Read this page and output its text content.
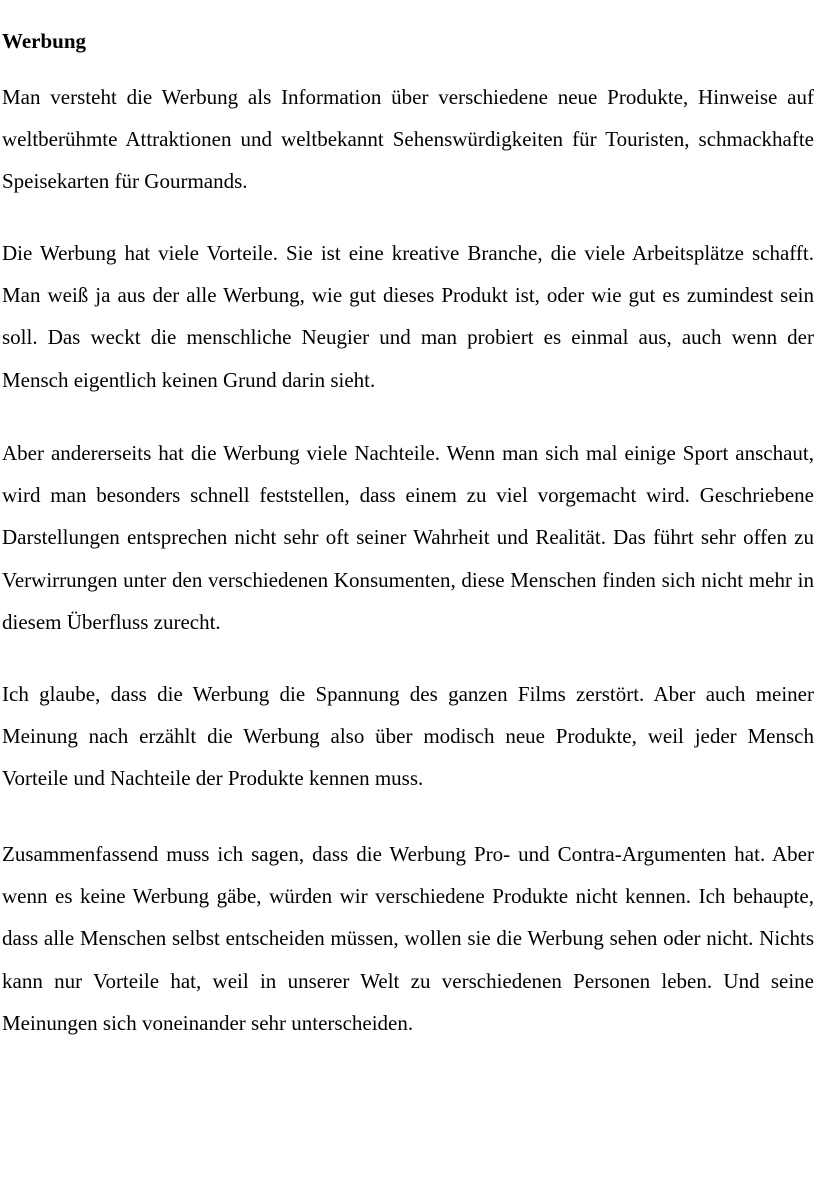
Werbung

Man versteht die Werbung als Information über verschiedene neue Produkte, Hinweise auf weltberühmte Attraktionen und weltbekannt Sehenswürdigkeiten für Touristen, schmackhafte Speisekarten für Gourmands.

Die Werbung hat viele Vorteile. Sie ist eine kreative Branche, die viele Arbeitsplätze schafft. Man weiß ja aus der alle Werbung, wie gut dieses Produkt ist, oder wie gut es zumindest sein soll. Das weckt die menschliche Neugier und man probiert es einmal aus, auch wenn der Mensch eigentlich keinen Grund darin sieht.

Aber andererseits hat die Werbung viele Nachteile. Wenn man sich mal einige Sport anschaut, wird man besonders schnell feststellen, dass einem zu viel vorgemacht wird. Geschriebene Darstellungen entsprechen nicht sehr oft seiner Wahrheit und Realität. Das führt sehr offen zu Verwirrungen unter den verschiedenen Konsumenten, diese Menschen finden sich nicht mehr in diesem Überfluss zurecht.

Ich glaube, dass die Werbung die Spannung des ganzen Films zerstört. Aber auch meiner Meinung nach erzählt die Werbung also über modisch neue Produkte, weil jeder Mensch Vorteile und Nachteile der Produkte kennen muss.

Zusammenfassend muss ich sagen, dass die Werbung Pro- und Contra-Argumenten hat. Aber wenn es keine Werbung gäbe, würden wir verschiedene Produkte nicht kennen. Ich behaupte, dass alle Menschen selbst entscheiden müssen, wollen sie die Werbung sehen oder nicht. Nichts kann nur Vorteile hat, weil in unserer Welt zu verschiedenen Personen leben. Und seine Meinungen sich voneinander sehr unterscheiden.
